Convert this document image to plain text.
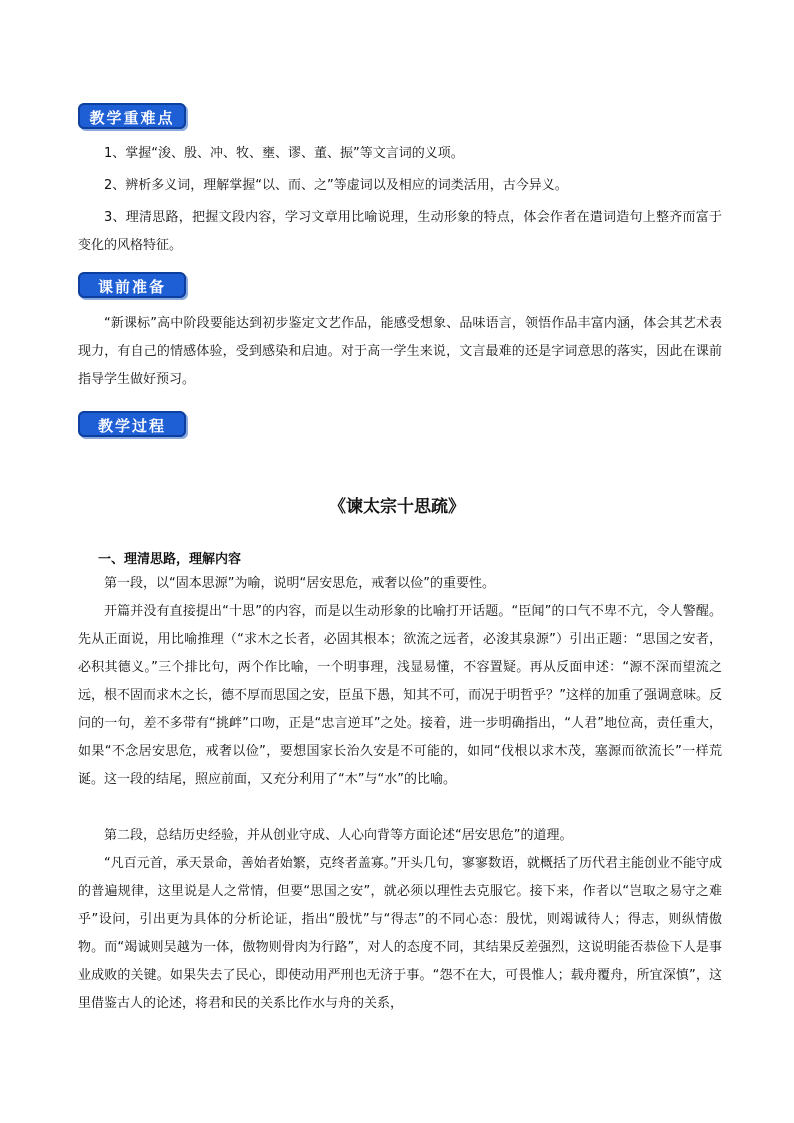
教学重难点

1、掌握“浚、殷、冲、牧、壅、谬、董、振”等文言词的义项。

2、辨析多义词，理解掌握“以、而、之”等虚词以及相应的词类活用，古今异义。

3、理清思路，把握文段内容，学习文章用比喻说理，生动形象的特点，体会作者在遣词造句上整齐而富于变化的风格特征。

课前准备

“新课标”高中阶段要能达到初步鉴定文艺作品，能感受想象、品味语言，领悟作品丰富内涵，体会其艺术表现力，有自己的情感体验，受到感染和启迪。对于高一学生来说，文言最难的还是字词意思的落实，因此在课前指导学生做好预习。

教学过程
《谏太宗十思疏》
一、理清思路，理解内容

第一段，以“固本思源”为喻，说明“居安思危，戒奢以俭”的重要性。

开篇并没有直接提出“十思”的内容，而是以生动形象的比喻打开话题。“臣闻”的口气不卑不亢，令人警醒。先从正面说，用比喻推理（“求木之长者，必固其根本；欲流之远者，必浚其泉源”）引出正题：“思国之安者，必积其德义。”三个排比句，两个作比喻，一个明事理，浅显易懂，不容置疑。再从反面申述：“源不深而望流之远，根不固而求木之长，德不厚而思国之安，臣虽下愚，知其不可，而况于明哲乎？”这样的加重了强调意味。反问的一句，差不多带有“挑衅”口吻，正是“忠言逆耳”之处。接着，进一步明确指出，“人君”地位高，责任重大，如果“不念居安思危，戒奢以俭”，要想国家长治久安是不可能的，如同“伐根以求木茂，塞源而欲流长”一样荒诞。这一段的结尾，照应前面，又充分利用了“木”与“水”的比喻。

第二段，总结历史经验，并从创业守成、人心向背等方面论述“居安思危”的道理。

“凡百元首，承天景命，善始者始繁，克终者盖寡。”开头几句，寥寥数语，就概括了历代君主能创业不能守成的普遍规律，这里说是人之常情，但要“思国之安”，就必须以理性去克服它。接下来，作者以“岂取之易守之难乎”设问，引出更为具体的分析论证，指出“殷忧”与“得志”的不同心态：殷忧，则竭诚待人；得志，则纵情傲物。而“竭诚则吴越为一体，傲物则骨肉为行路”，对人的态度不同，其结果反差强烈，这说明能否恭俭下人是事业成败的关键。如果失去了民心，即使动用严刑也无济于事。“怨不在大，可畏惟人；载舟覆舟，所宜深慎”，这里借鉴古人的论述，将君和民的关系比作水与舟的关系，
